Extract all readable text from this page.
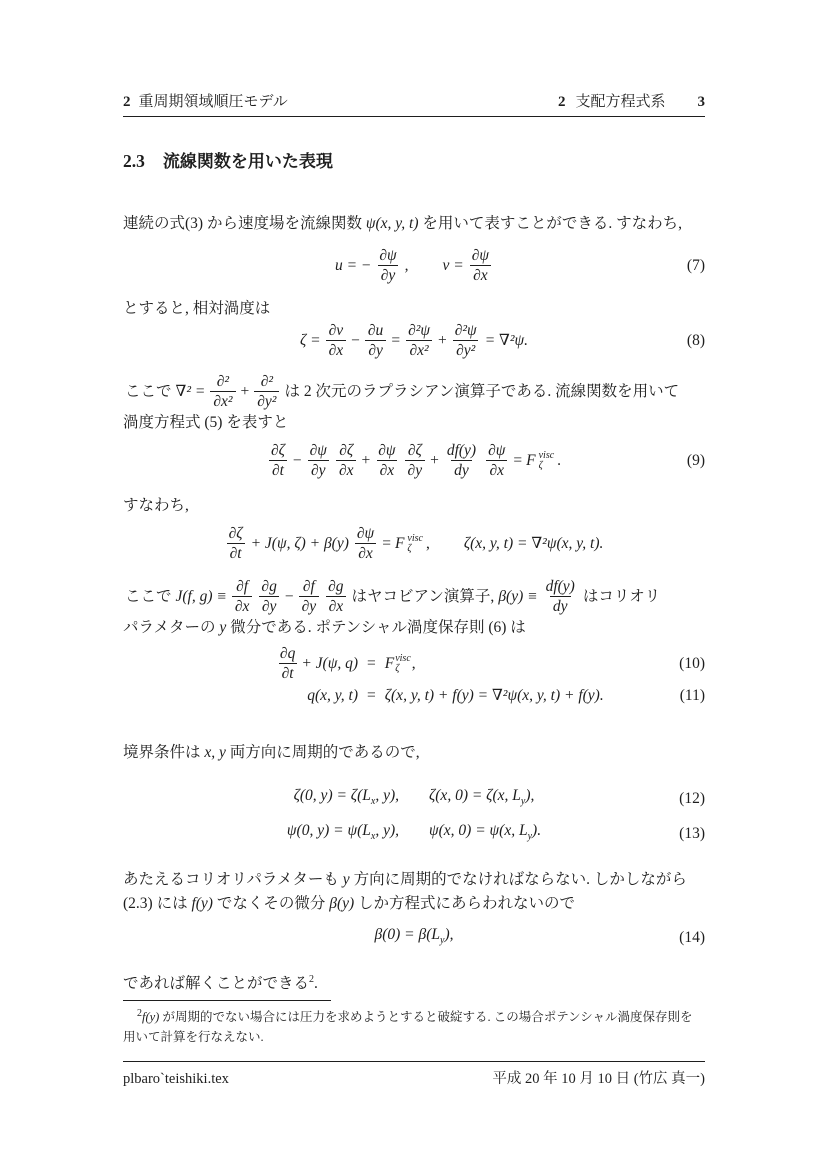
2 重周期領域順圧モデル	2 支配方程式系 3
2.3 流線関数を用いた表現
連続の式(3) から速度場を流線関数 ψ(x, y, t) を用いて表すことができる. すなわち,
u = − $\frac{\partial\psi}{\partial y}$ , $v = \frac{\partial\psi}{\partial x}$	(7)
とすると, 相対渦度は
$\zeta = \frac{\partial v}{\partial x} - \frac{\partial u}{\partial y} = \frac{\text{∂²ψ}}{\text{∂x²}} + \frac{\text{∂²ψ}}{\text{∂y²}} = \nabla^2\psi$.	(8)
ここで $\nabla^2 = \frac{\text{∂²}}{\text{∂x²}} + \frac{\text{∂²}}{\text{∂y²}}$ は 2 次元のラプラシアン演算子である. 流線関数を用いて
渦度方程式 (5) を表すと
$\frac{\partial\zeta}{\partial t} - \frac{\partial\psi}{\partial y} \frac{\partial\zeta}{\partial x} + \frac{\partial\psi}{\partial x} \frac{\partial\zeta}{\partial y} + \frac{df(y)}{dy} \frac{\partial\psi}{\partial x} = F$ visc
ζ .	(9)
すなわち,
$\frac{\partial\zeta}{\partial t} + J(\psi$, $\zeta) + \beta(y) \frac{\partial\psi}{\partial x} = F$ visc
ζ , ζ(x, y, t) = ∇²ψ(x, y, t).
ここで J(f, $g) \equiv \frac{\partial f}{\partial x} \frac{\partial g}{\partial y} - \frac{\partial f}{\partial y} \frac{\partial g}{\partial x}$ はヤコビアン演算子, $\beta(y) \equiv \frac{df(y)}{dy}$ はコリオリ
パラメターの y 微分である. ポテンシャル渦度保存則 (6) は
$\frac{\partial q}{\partial t} + J(\psi$, q) = F visc
ζ ,	(10)
q(x, y, t) = ζ(x, y, t) + f(y) = ∇²ψ(x, y, t) + f(y).	(11)
境界条件は x, y 両方向に周期的であるので,
ζ(0, $y) = \zeta(L_x$, y), ζ(x, 0) = ζ(x, $L_y$),	(12)
ψ(0, $y) = \psi(L_x$, y), ψ(x, 0) = ψ(x, $L_y$).	(13)
あたえるコリオリパラメターも y 方向に周期的でなければならない. しかしながら
(2.3) には f(y) でなくその微分 β(y) しか方程式にあらわれないので
$\beta(0) = \beta(L_y)$,	(14)
であれば解くことができる$^2$.
$^2$f(y) が周期的でない場合には圧力を求めようとすると破綻する. この場合ポテンシャル渦度保存則を用いて計算を行なえない.
plbaro`teishiki.tex	平成 20 年 10 月 10 日 (竹広 真一)
